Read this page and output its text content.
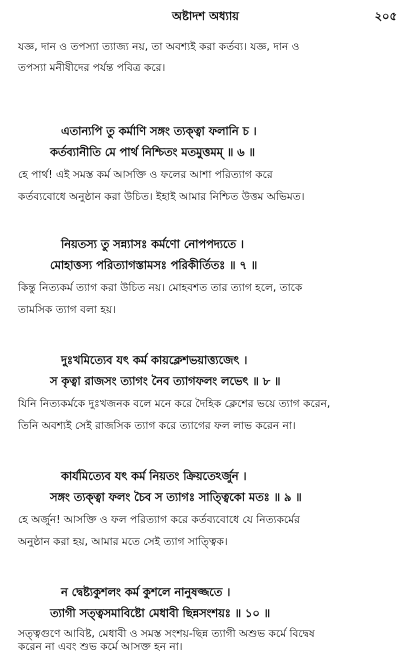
অষ্টাদশ অধ্যায়	২০৫
যজ্ঞ, দান ও তপস্যা ত্যাজ্য নয়, তা অবশ্যই করা কর্তব্য। যজ্ঞ, দান ও
তপস্যা মনীষীদের পর্যন্ত পবিত্র করে।
এতান্যপি তু কর্মাণি সঙ্গং ত্যক্ত্বা ফলানি চ ।
কর্তব্যানীতি মে পার্থ নিশ্চিতং মতমুত্তমম্ ॥ ৬ ॥
হে পার্থ! এই সমস্ত কর্ম আসক্তি ও ফলের আশা পরিত্যাগ করে
কর্তব্যবোধে অনুষ্ঠান করা উচিত। ইহাই আমার নিশ্চিত উত্তম অভিমত।
নিয়তস্য তু সন্ন্যাসঃ কর্মণো নোপপদ্যতে ।
মোহাত্তস্য পরিত্যাগস্তামসঃ পরিকীর্তিতঃ ॥ ৭ ॥
কিন্তু নিত্যকর্ম ত্যাগ করা উচিত নয়। মোহবশত তার ত্যাগ হলে, তাকে
তামসিক ত্যাগ বলা হয়।
দুঃখমিত্যেব যৎ কর্ম কায়ক্লেশভয়াত্ত্যজেৎ ।
স কৃত্বা রাজসং ত্যাগং নৈব ত্যাগফলং লভেৎ ॥ ৮ ॥
যিনি নিত্যকর্মকে দুঃখজনক বলে মনে করে দৈহিক ক্লেশের ভয়ে ত্যাগ করেন,
তিনি অবশ্যই সেই রাজসিক ত্যাগ করে ত্যাগের ফল লাভ করেন না।
কার্যমিত্যেব যৎ কর্ম নিয়তং ক্রিয়তেঽর্জুন ।
সঙ্গং ত্যক্ত্বা ফলং চৈব স ত্যাগঃ সাত্ত্বিকো মতঃ ॥ ৯ ॥
হে অর্জুন! আসক্তি ও ফল পরিত্যাগ করে কর্তব্যবোধে যে নিত্যকর্মের
অনুষ্ঠান করা হয়, আমার মতে সেই ত্যাগ সাত্ত্বিক।
ন দ্বেষ্ট্যকুশলং কর্ম কুশলে নানুষজ্জতে ।
ত্যাগী সত্ত্বসমাবিষ্টো মেধাবী ছিন্নসংশয়ঃ ॥ ১০ ॥
সত্ত্বগুণে আবিষ্ট, মেধাবী ও সমস্ত সংশয়-ছিন্ন ত্যাগী অশুভ কর্মে বিদ্বেষ
করেন না এবং শুভ কর্মে আসক্ত হন না।
